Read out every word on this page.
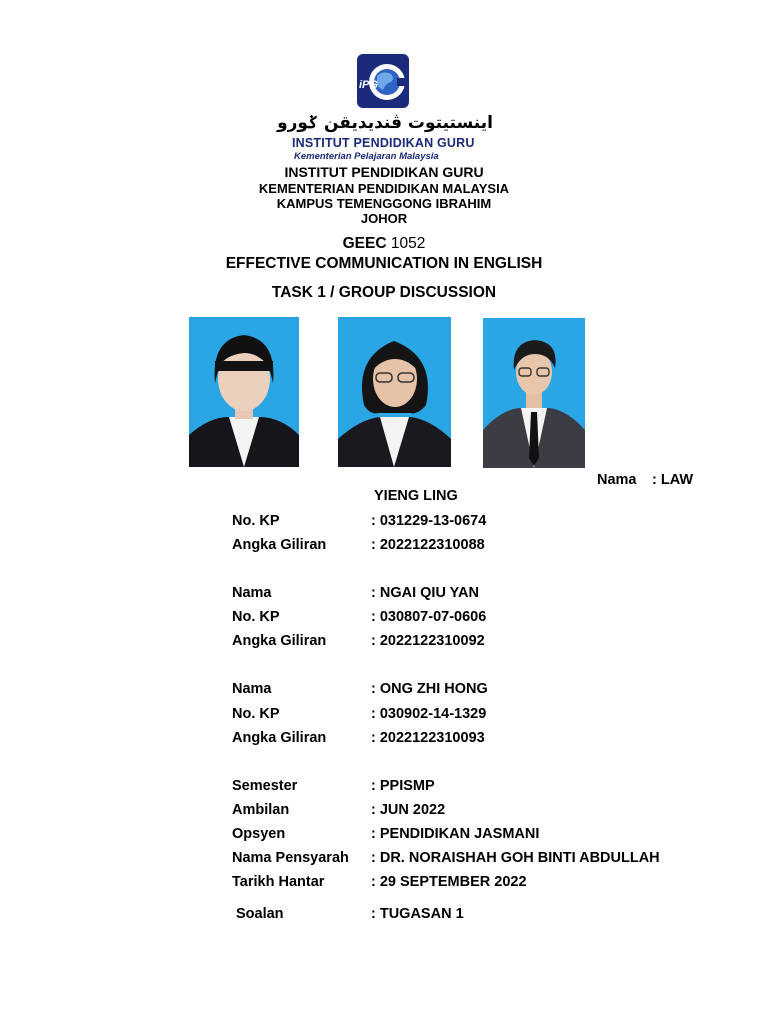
iPG
اينستيتوت ڤنديديقن ݢورو
INSTITUT PENDIDIKAN GURU
Kementerian Pelajaran Malaysia
INSTITUT PENDIDIKAN GURU
KEMENTERIAN PENDIDIKAN MALAYSIA
KAMPUS TEMENGGONG IBRAHIM
JOHOR
GEEC 1052
EFFECTIVE COMMUNICATION IN ENGLISH
TASK 1 / GROUP DISCUSSION
Nama : LAW
YIENG LING
No. KP	: 031229-13-0674
Angka Giliran	: 2022122310088
Nama	: NGAI QIU YAN
No. KP	: 030807-07-0606
Angka Giliran	: 2022122310092
Nama	: ONG ZHI HONG
No. KP	: 030902-14-1329
Angka Giliran	: 2022122310093
Semester	: PPISMP
Ambilan	: JUN 2022
Opsyen	: PENDIDIKAN JASMANI
Nama Pensyarah : DR. NORAISHAH GOH BINTI ABDULLAH
Tarikh Hantar	: 29 SEPTEMBER 2022
Soalan	: TUGASAN 1
